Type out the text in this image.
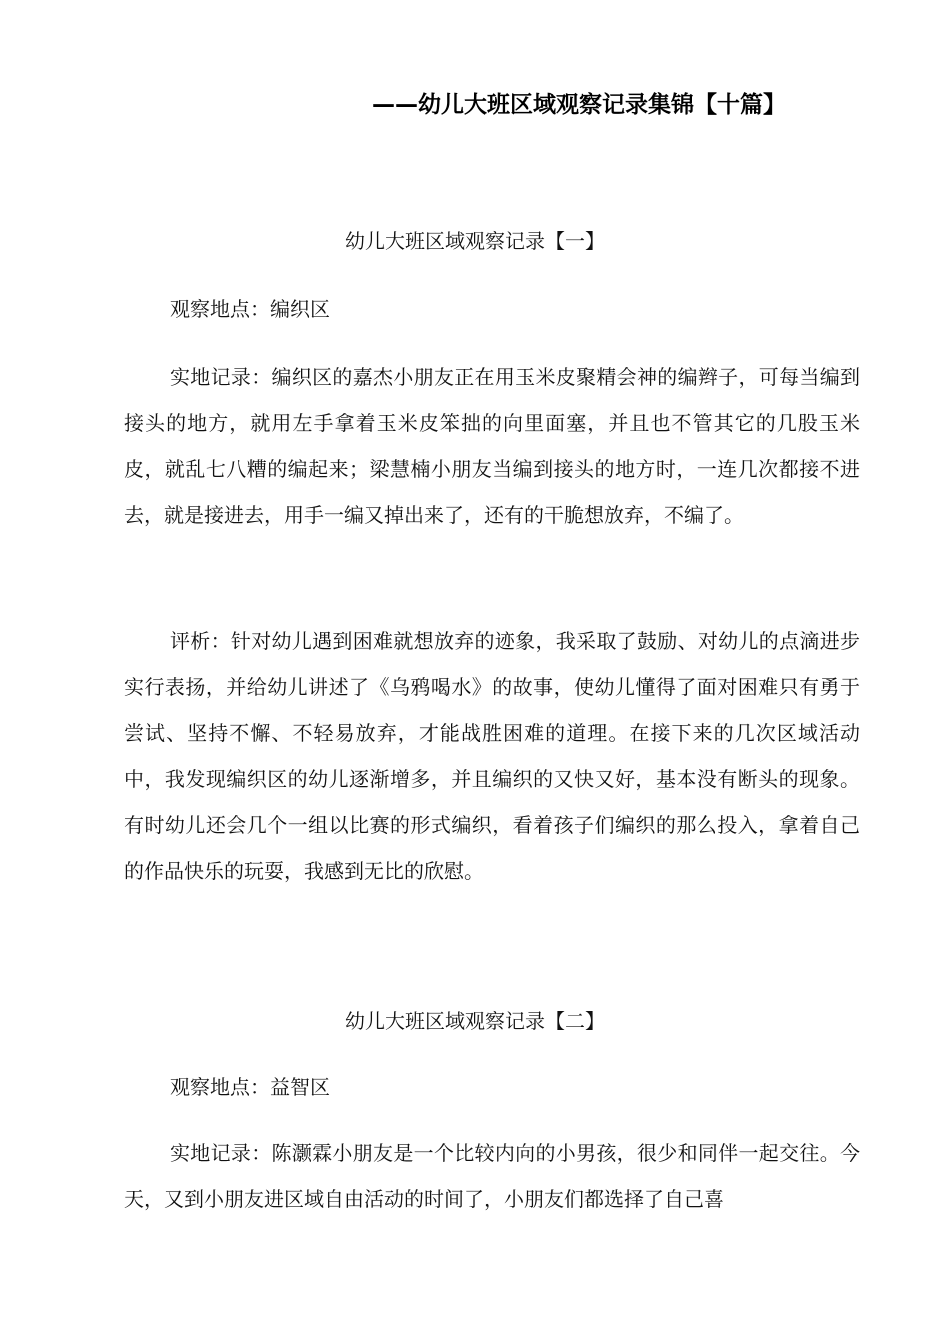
——幼儿大班区域观察记录集锦【十篇】
幼儿大班区域观察记录【一】

观察地点：编织区

实地记录：编织区的嘉杰小朋友正在用玉米皮聚精会神的编辫子，可每当编到接头的地方，就用左手拿着玉米皮笨拙的向里面塞，并且也不管其它的几股玉米皮，就乱七八糟的编起来；梁慧楠小朋友当编到接头的地方时，一连几次都接不进去，就是接进去，用手一编又掉出来了，还有的干脆想放弃，不编了。

评析：针对幼儿遇到困难就想放弃的迹象，我采取了鼓励、对幼儿的点滴进步实行表扬，并给幼儿讲述了《乌鸦喝水》的故事，使幼儿懂得了面对困难只有勇于尝试、坚持不懈、不轻易放弃，才能战胜困难的道理。在接下来的几次区域活动中，我发现编织区的幼儿逐渐增多，并且编织的又快又好，基本没有断头的现象。有时幼儿还会几个一组以比赛的形式编织，看着孩子们编织的那么投入，拿着自己的作品快乐的玩耍，我感到无比的欣慰。

幼儿大班区域观察记录【二】

观察地点：益智区

实地记录：陈灏霖小朋友是一个比较内向的小男孩，很少和同伴一起交往。今天，又到小朋友进区域自由活动的时间了，小朋友们都选择了自己喜
